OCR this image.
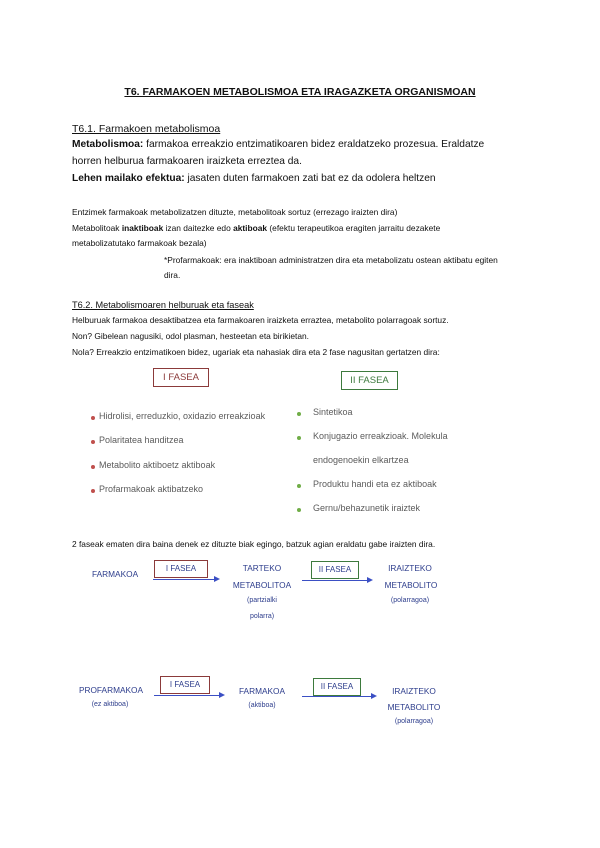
T6. FARMAKOEN METABOLISMOA ETA IRAGAZKETA ORGANISMOAN
T6.1. Farmakoen metabolismoa
Metabolismoa: farmakoa erreakzio entzimatikoaren bidez eraldatzeko prozesua. Eraldatze
horren helburua farmakoaren iraizketa erreztea da.
Lehen mailako efektua: jasaten duten farmakoen zati bat ez da odolera heltzen
Entzimek farmakoak metabolizatzen dituzte, metabolitoak sortuz (errezago iraizten dira)
Metabolitoak inaktiboak izan daitezke edo aktiboak (efektu terapeutikoa eragiten jarraitu dezakete
metabolizatutako farmakoak bezala)
*Profarmakoak: era inaktiboan administratzen dira eta metabolizatu ostean aktibatu egiten
dira.
T6.2. Metabolismoaren helburuak eta faseak
Helburuak farmakoa desaktibatzea eta farmakoaren iraizketa erraztea, metabolito polarragoak sortuz.
Non? Gibelean nagusiki, odol plasman, hesteetan eta birikietan.
Nola? Erreakzio entzimatikoen bidez, ugariak eta nahasiak dira eta 2 fase nagusitan gertatzen dira:
I FASEA	II FASEA
Hidrolisi, erreduzkio, oxidazio erreakzioak
Polaritatea handitzea
Metabolito aktiboetz aktiboak
Profarmakoak aktibatzeko
Sintetikoa
Konjugazio erreakzioak. Molekula
endogenoekin elkartzea
Produktu handi eta ez aktiboak
Gernu/behazunetik iraiztek
2 faseak ematen dira baina denek ez dituzte biak egingo, batzuk agian eraldatu gabe iraizten dira.
FARMAKOA
I FASEA	TARTEKO
METABOLITOA
(partzialki
polarra)
II FASEA	IRAIZTEKO
METABOLITO
(polarragoa)
PROFARMAKOA
(ez aktiboa)
I FASEA
FARMAKOA
(aktiboa)
II FASEA	IRAIZTEKO
METABOLITO
(polarragoa)
